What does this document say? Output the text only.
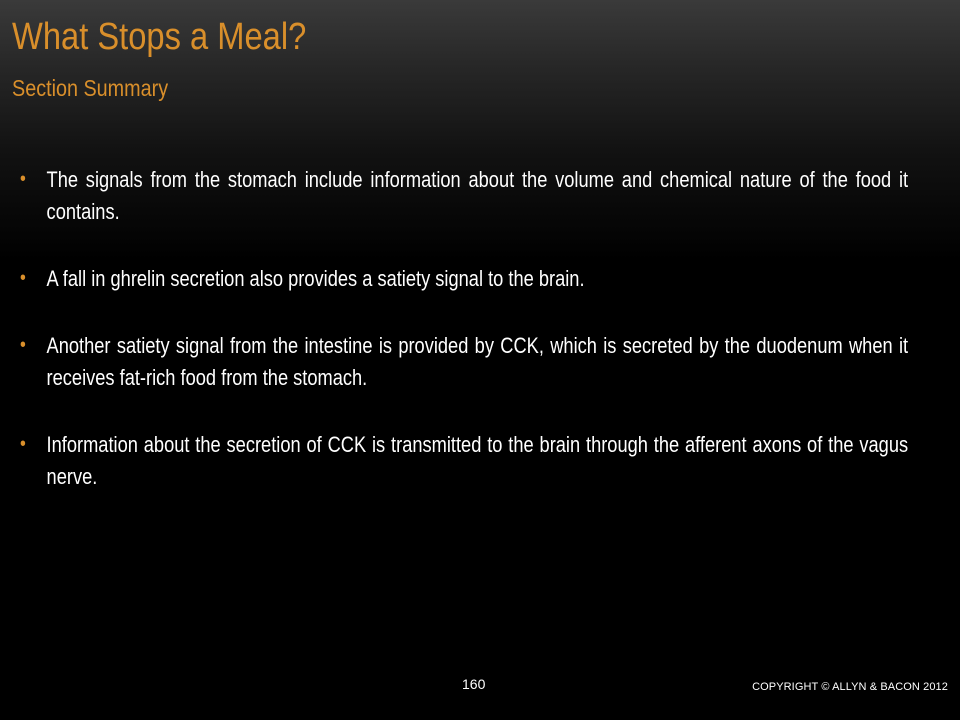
What Stops a Meal?
Section Summary
• The signals from the stomach include information about the volume and chemical nature of the food it contains.
• A fall in ghrelin secretion also provides a satiety signal to the brain.
• Another satiety signal from the intestine is provided by CCK, which is secreted by the duodenum when it receives fat-rich food from the stomach.
• Information about the secretion of CCK is transmitted to the brain through the afferent axons of the vagus nerve.
160	COPYRIGHT © ALLYN & BACON 2012
